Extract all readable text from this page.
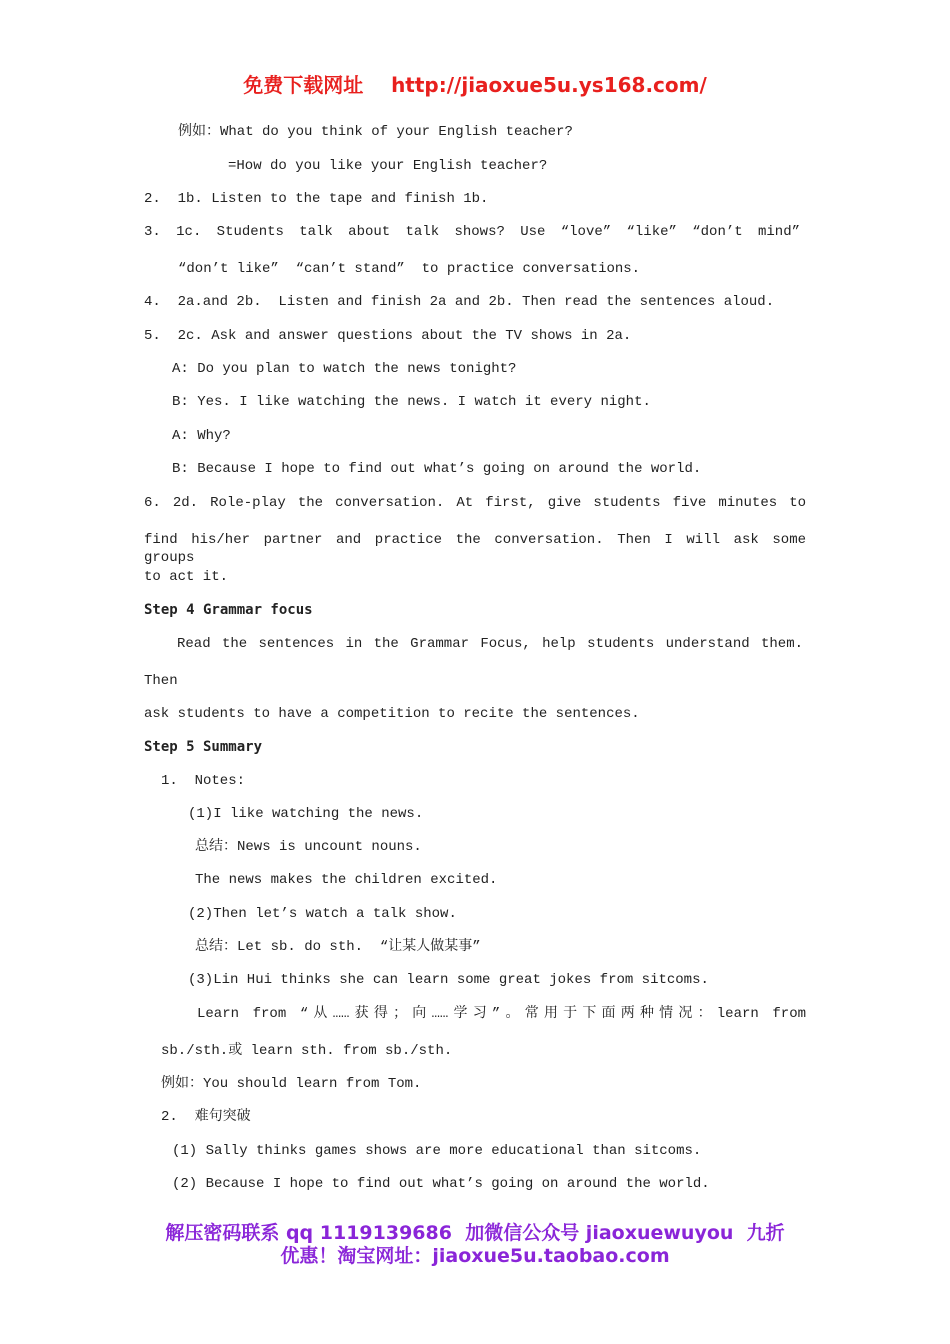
免费下载网址 http://jiaoxue5u.ys168.com/
例如：What do you think of your English teacher?
=How do you like your English teacher?
2.  1b. Listen to the tape and finish 1b.
3. 1c. Students talk about talk shows? Use “love” “like” “don’t mind”
“don’t like”  “can’t stand”  to practice conversations.
4.  2a.and 2b.  Listen and finish 2a and 2b. Then read the sentences aloud.
5.  2c. Ask and answer questions about the TV shows in 2a.
A: Do you plan to watch the news tonight?
B: Yes. I like watching the news. I watch it every night.
A: Why?
B: Because I hope to find out what’s going on around the world.
6. 2d. Role-play the conversation. At first, give students five minutes to
find his/her partner and practice the conversation. Then I will ask some groups
to act it.
Step 4 Grammar focus
Read the sentences in the Grammar Focus, help students understand them.
Then
ask students to have a competition to recite the sentences.
Step 5 Summary
1.  Notes:
(1)I like watching the news.
总结：News is uncount nouns.
The news makes the children excited.
(2)Then let’s watch a talk show.
总结：Let sb. do sth.  “让某人做某事”
(3)Lin Hui thinks she can learn some great jokes from sitcoms.
Learn from “从……获得；向……学习”。常用于下面两种情况：learn from
sb./sth.或 learn sth. from sb./sth.
例如：You should learn from Tom.
2.  难句突破
(1) Sally thinks games shows are more educational than sitcoms.
(2) Because I hope to find out what’s going on around the world.
解压密码联系 qq 1119139686  加微信公众号 jiaoxuewuyou  九折
优惠！淘宝网址：jiaoxue5u.taobao.com
